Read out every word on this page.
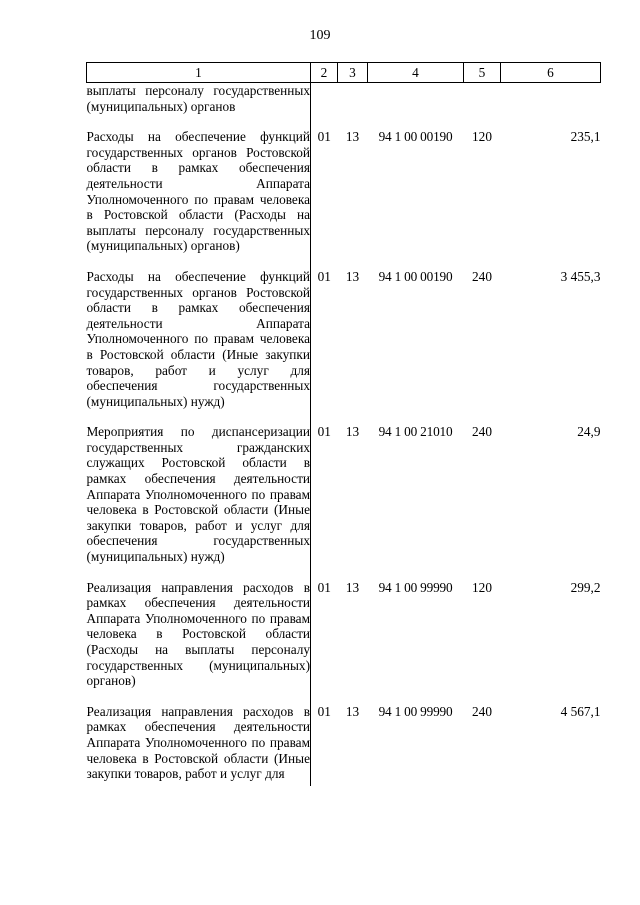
109
1	2	3	4	5	6
выплаты персоналу государственных (муниципальных) органов					
Расходы на обеспечение функций государственных органов Ростовской области в рамках обеспечения деятельности Аппарата Уполномоченного по правам человека в Ростовской области (Расходы на выплаты персоналу государственных (муниципальных) органов)	01	13	94 1 00 00190	120	235,1
Расходы на обеспечение функций государственных органов Ростовской области в рамках обеспечения деятельности Аппарата Уполномоченного по правам человека в Ростовской области (Иные закупки товаров, работ и услуг для обеспечения государственных (муниципальных) нужд)	01	13	94 1 00 00190	240	3 455,3
Мероприятия по диспансеризации государственных гражданских служащих Ростовской области в рамках обеспечения деятельности Аппарата Уполномоченного по правам человека в Ростовской области (Иные закупки товаров, работ и услуг для обеспечения государственных (муниципальных) нужд)	01	13	94 1 00 21010	240	24,9
Реализация направления расходов в рамках обеспечения деятельности Аппарата Уполномоченного по правам человека в Ростовской области (Расходы на выплаты персоналу государственных (муниципальных) органов)	01	13	94 1 00 99990	120	299,2
Реализация направления расходов в рамках обеспечения деятельности Аппарата Уполномоченного по правам человека в Ростовской области (Иные закупки товаров, работ и услуг для	01	13	94 1 00 99990	240	4 567,1
